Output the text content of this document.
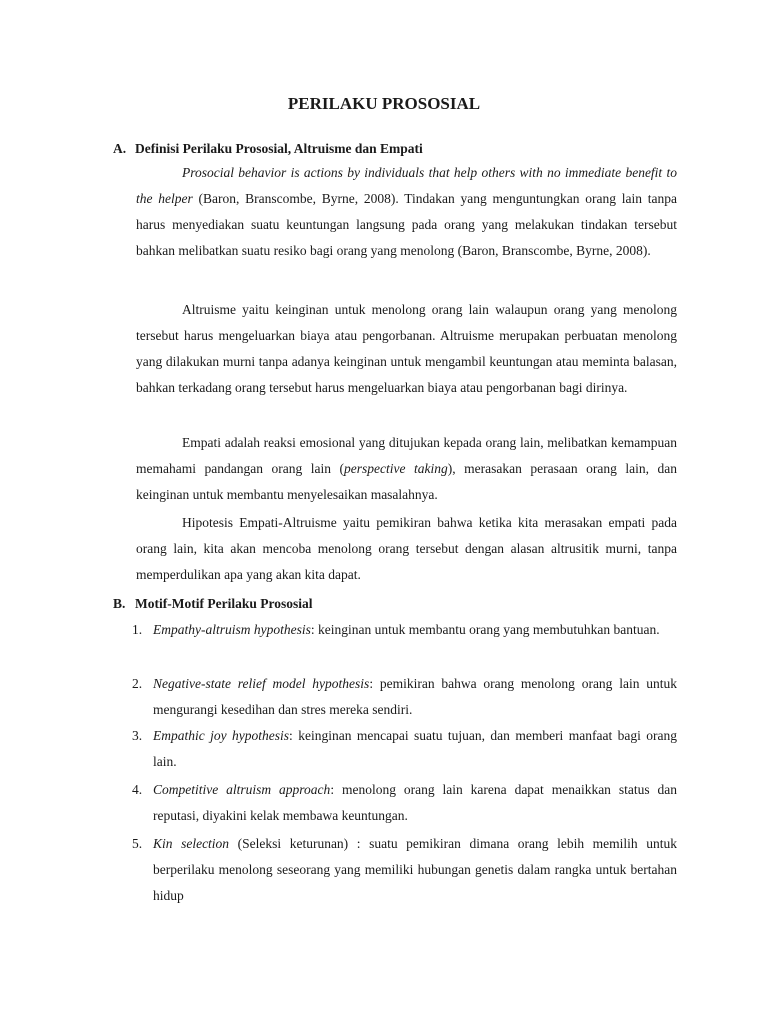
PERILAKU PROSOSIAL
A. Definisi Perilaku Prososial, Altruisme dan Empati

Prosocial behavior is actions by individuals that help others with no immediate benefit to the helper (Baron, Branscombe, Byrne, 2008). Tindakan yang menguntungkan orang lain tanpa harus menyediakan suatu keuntungan langsung pada orang yang melakukan tindakan tersebut bahkan melibatkan suatu resiko bagi orang yang menolong (Baron, Branscombe, Byrne, 2008).

Altruisme yaitu keinginan untuk menolong orang lain walaupun orang yang menolong tersebut harus mengeluarkan biaya atau pengorbanan. Altruisme merupakan perbuatan menolong yang dilakukan murni tanpa adanya keinginan untuk mengambil keuntungan atau meminta balasan, bahkan terkadang orang tersebut harus mengeluarkan biaya atau pengorbanan bagi dirinya.

Empati adalah reaksi emosional yang ditujukan kepada orang lain, melibatkan kemampuan memahami pandangan orang lain (perspective taking), merasakan perasaan orang lain, dan keinginan untuk membantu menyelesaikan masalahnya.

Hipotesis Empati-Altruisme yaitu pemikiran bahwa ketika kita merasakan empati pada orang lain, kita akan mencoba menolong orang tersebut dengan alasan altrusitik murni, tanpa memperdulikan apa yang akan kita dapat.

B. Motif-Motif Perilaku Prososial
1. Empathy-altruism hypothesis: keinginan untuk membantu orang yang membutuhkan bantuan.
2. Negative-state relief model hypothesis: pemikiran bahwa orang menolong orang lain untuk mengurangi kesedihan dan stres mereka sendiri.
3. Empathic joy hypothesis: keinginan mencapai suatu tujuan, dan memberi manfaat bagi orang lain.
4. Competitive altruism approach: menolong orang lain karena dapat menaikkan status dan reputasi, diyakini kelak membawa keuntungan.
5. Kin selection (Seleksi keturunan) : suatu pemikiran dimana orang lebih memilih untuk berperilaku menolong seseorang yang memiliki hubungan genetis dalam rangka untuk bertahan hidup
